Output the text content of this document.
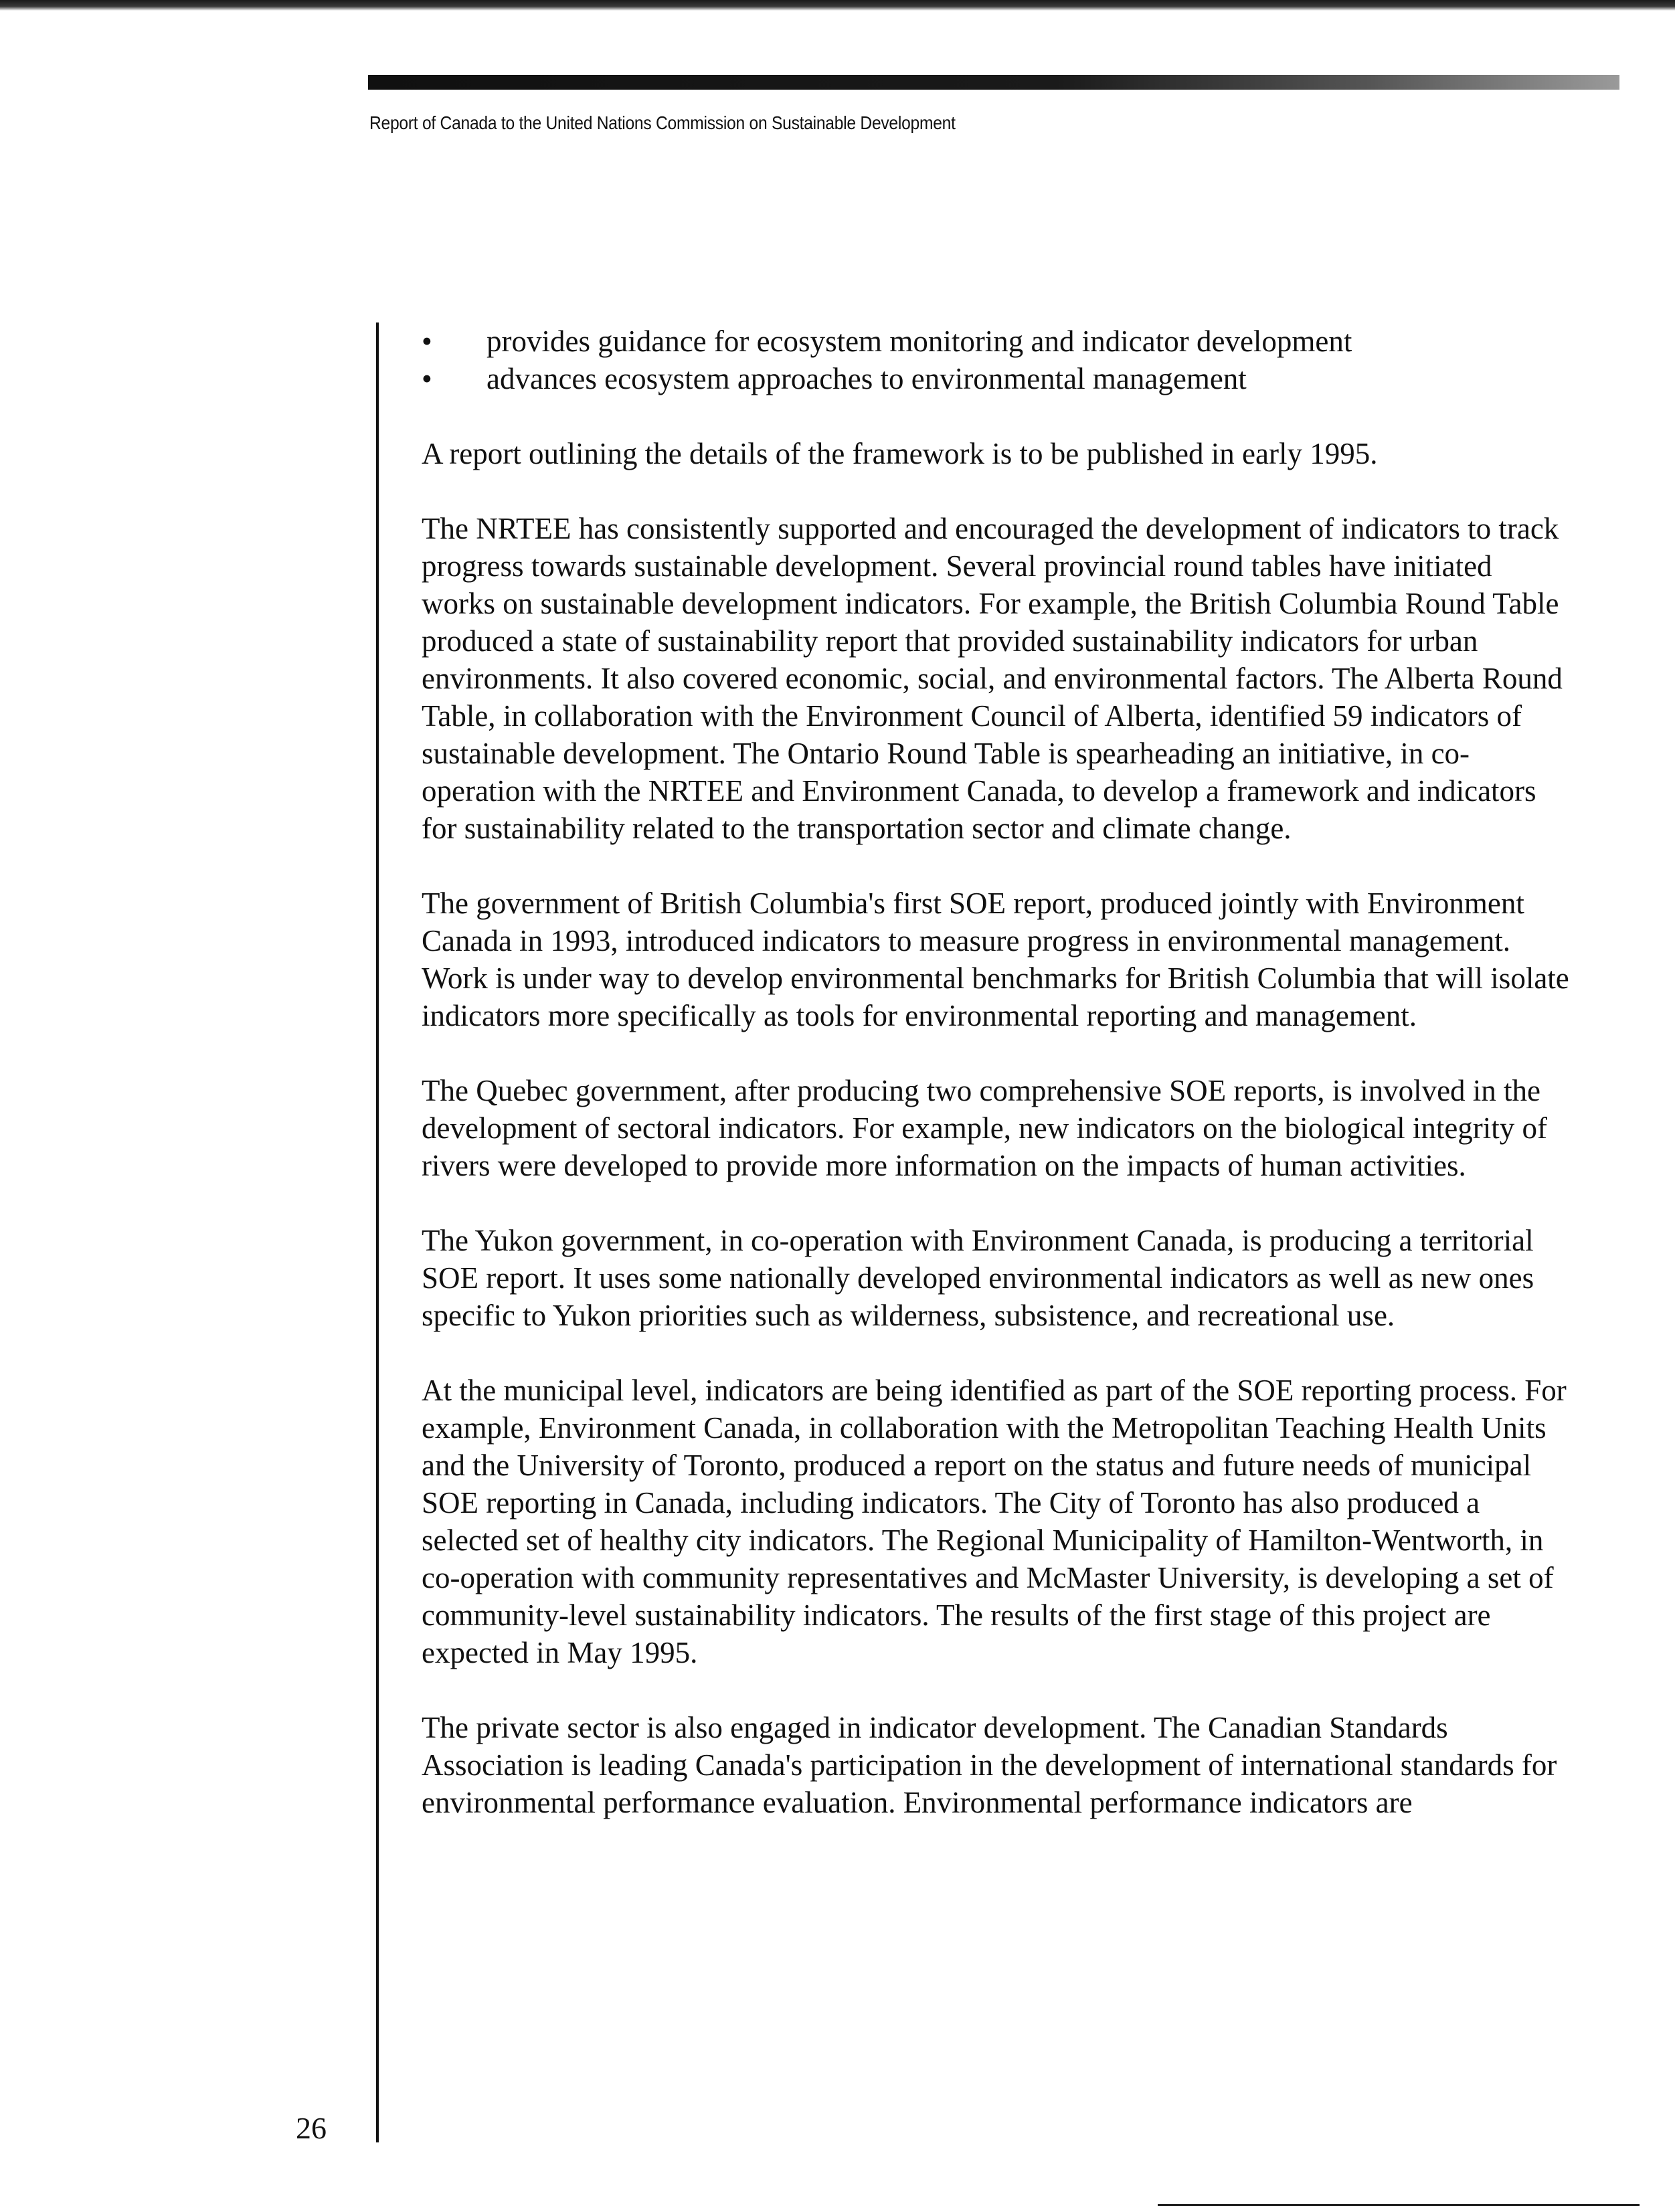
Report of Canada to the United Nations Commission on Sustainable Development
• provides guidance for ecosystem monitoring and indicator development
• advances ecosystem approaches to environmental management

A report outlining the details of the framework is to be published in early 1995.

The NRTEE has consistently supported and encouraged the development of indicators to track progress towards sustainable development. Several provincial round tables have initiated works on sustainable development indicators. For example, the British Columbia Round Table produced a state of sustainability report that provided sustainability indicators for urban environments. It also covered economic, social, and environmental factors. The Alberta Round Table, in collaboration with the Environment Council of Alberta, identified 59 indicators of sustainable development. The Ontario Round Table is spearheading an initiative, in co-operation with the NRTEE and Environment Canada, to develop a framework and indicators for sustainability related to the transportation sector and climate change.

The government of British Columbia's first SOE report, produced jointly with Environment Canada in 1993, introduced indicators to measure progress in environmental management. Work is under way to develop environmental benchmarks for British Columbia that will isolate indicators more specifically as tools for environmental reporting and management.

The Quebec government, after producing two comprehensive SOE reports, is involved in the development of sectoral indicators. For example, new indicators on the biological integrity of rivers were developed to provide more information on the impacts of human activities.

The Yukon government, in co-operation with Environment Canada, is producing a territorial SOE report. It uses some nationally developed environmental indicators as well as new ones specific to Yukon priorities such as wilderness, subsistence, and recreational use.

At the municipal level, indicators are being identified as part of the SOE reporting process. For example, Environment Canada, in collaboration with the Metropolitan Teaching Health Units and the University of Toronto, produced a report on the status and future needs of municipal SOE reporting in Canada, including indicators. The City of Toronto has also produced a selected set of healthy city indicators. The Regional Municipality of Hamilton-Wentworth, in co-operation with community representatives and McMaster University, is developing a set of community-level sustainability indicators. The results of the first stage of this project are expected in May 1995.

The private sector is also engaged in indicator development. The Canadian Standards Association is leading Canada's participation in the development of international standards for environmental performance evaluation. Environmental performance indicators are

26
